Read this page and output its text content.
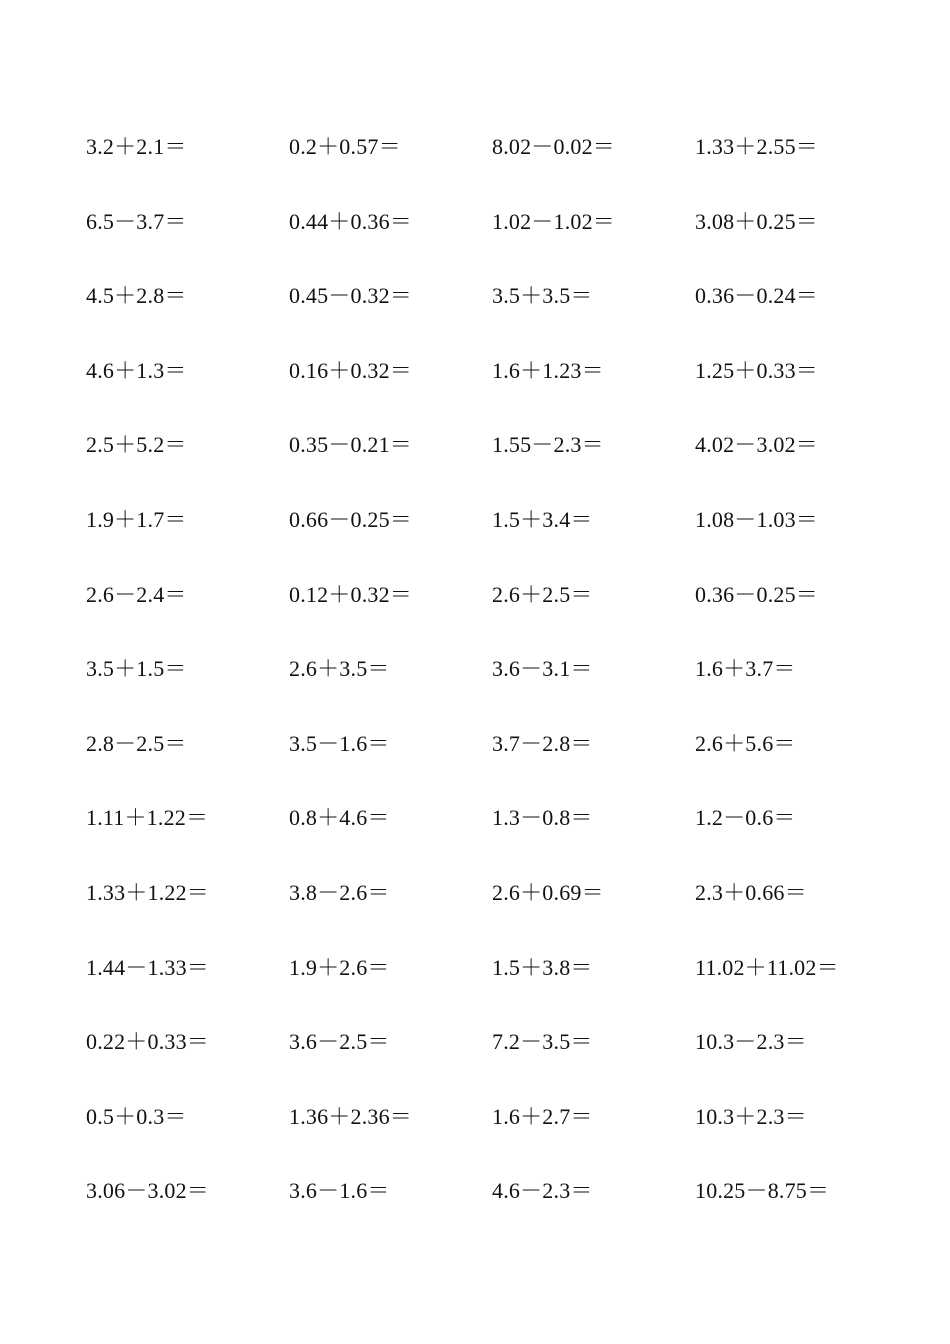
3.2＋2.1＝	0.2＋0.57＝	8.02－0.02＝	1.33＋2.55＝
6.5－3.7＝	0.44＋0.36＝	1.02－1.02＝	3.08＋0.25＝
4.5＋2.8＝	0.45－0.32＝	3.5＋3.5＝	0.36－0.24＝
4.6＋1.3＝	0.16＋0.32＝	1.6＋1.23＝	1.25＋0.33＝
2.5＋5.2＝	0.35－0.21＝	1.55－2.3＝	4.02－3.02＝
1.9＋1.7＝	0.66－0.25＝	1.5＋3.4＝	1.08－1.03＝
2.6－2.4＝	0.12＋0.32＝	2.6＋2.5＝	0.36－0.25＝
3.5＋1.5＝	2.6＋3.5＝	3.6－3.1＝	1.6＋3.7＝
2.8－2.5＝	3.5－1.6＝	3.7－2.8＝	2.6＋5.6＝
1.11＋1.22＝	0.8＋4.6＝	1.3－0.8＝	1.2－0.6＝
1.33＋1.22＝	3.8－2.6＝	2.6＋0.69＝	2.3＋0.66＝
1.44－1.33＝	1.9＋2.6＝	1.5＋3.8＝	11.02＋11.02＝
0.22＋0.33＝	3.6－2.5＝	7.2－3.5＝	10.3－2.3＝
0.5＋0.3＝	1.36＋2.36＝	1.6＋2.7＝	10.3＋2.3＝
3.06－3.02＝	3.6－1.6＝	4.6－2.3＝	10.25－8.75＝
